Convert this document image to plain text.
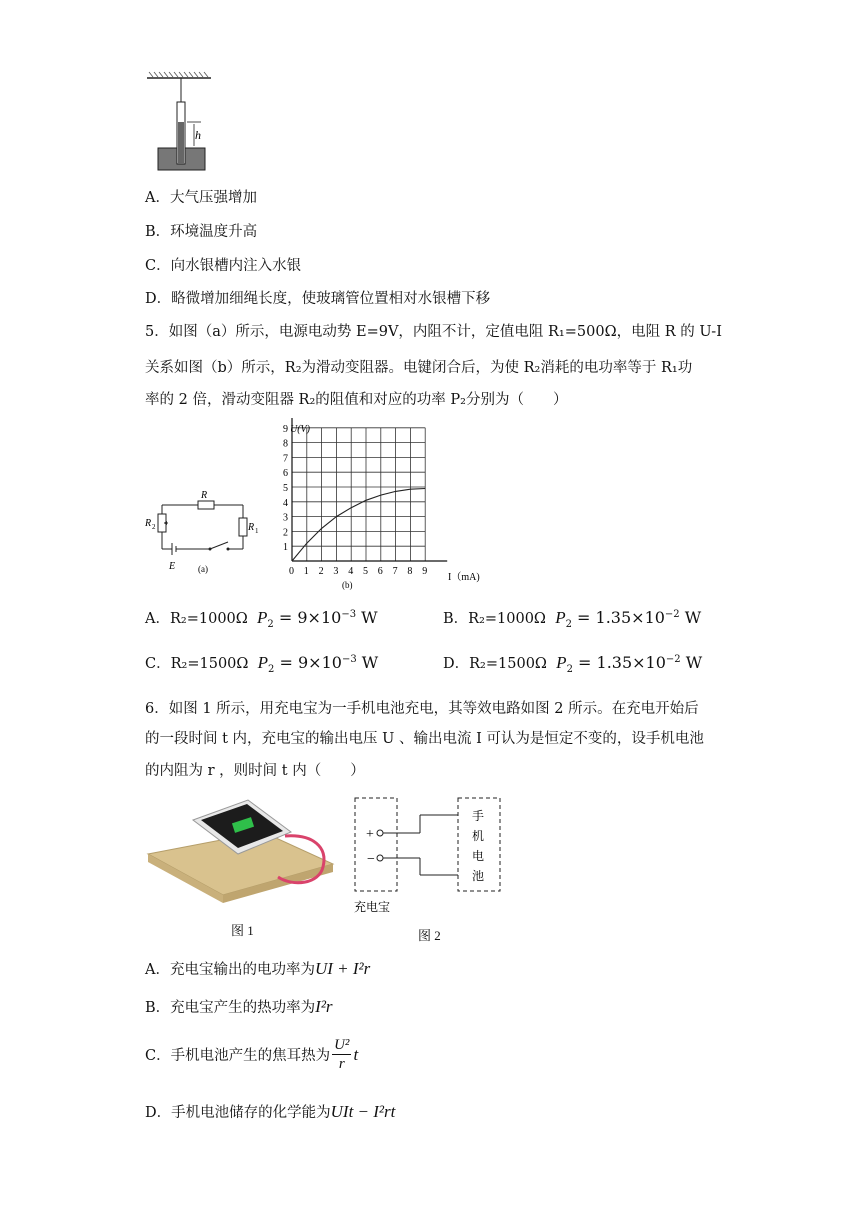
h
A．大气压强增加
B．环境温度升高
C．向水银槽内注入水银
D．略微增加细绳长度，使玻璃管位置相对水银槽下移
5．如图（a）所示，电源电动势 E=9V，内阻不计，定值电阻 R₁=500Ω，电阻 R 的 U-I
关系如图（b）所示，R₂为滑动变阻器。电键闭合后，为使 R₂消耗的电功率等于 R₁功
率的 2 倍，滑动变阻器 R₂的阻值和对应的功率 P₂分别为（　　）
R
R 1
R 2
E	(a)	0 1 2 3 4 5 6 7 8 9
1
2
3
4
5
6
7
8
9 U(V)
I（mA)
(b)
A．R₂=1000Ω $P_2 = 9\times 10^{-3}$ W	B．R₂=1000Ω $P_2 = 1.35\times 10^{-2}$ W
C．R₂=1500Ω $P_2 = 9\times 10^{-3}$ W	D．R₂=1500Ω $P_2 = 1.35\times 10^{-2}$ W
6．如图 1 所示，用充电宝为一手机电池充电，其等效电路如图 2 所示。在充电开始后
的一段时间 t 内，充电宝的输出电压 U 、输出电流 I 可认为是恒定不变的，设手机电池
的内阻为 r ，则时间 t 内（　　）
图 1
+
−
充电宝
手
机
电
池
图 2
A．充电宝输出的电功率为UI + I²r
B．充电宝产生的热功率为I²r
C．手机电池产生的焦耳热为
U²
r
t
D．手机电池储存的化学能为UIt − I²rt
